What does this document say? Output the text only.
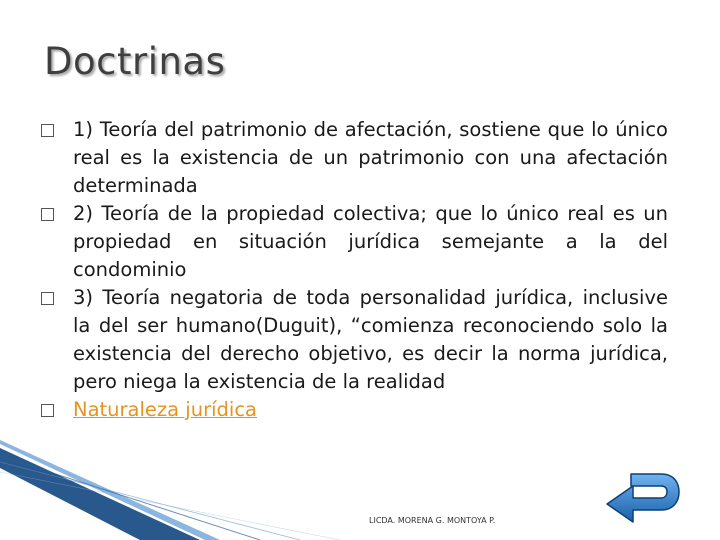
Doctrinas

1) Teoría del patrimonio de afectación, sostiene que lo único real es la existencia de un patrimonio con una afectación determinada

2) Teoría de la propiedad colectiva; que lo único real es un propiedad en situación jurídica semejante a la del condominio

3) Teoría negatoria de toda personalidad jurídica, inclusive la del ser humano(Duguit), “comienza reconociendo solo la existencia del derecho objetivo, es decir la norma jurídica, pero niega la existencia de la realidad

Naturaleza jurídica

LICDA. MORENA G. MONTOYA P.
